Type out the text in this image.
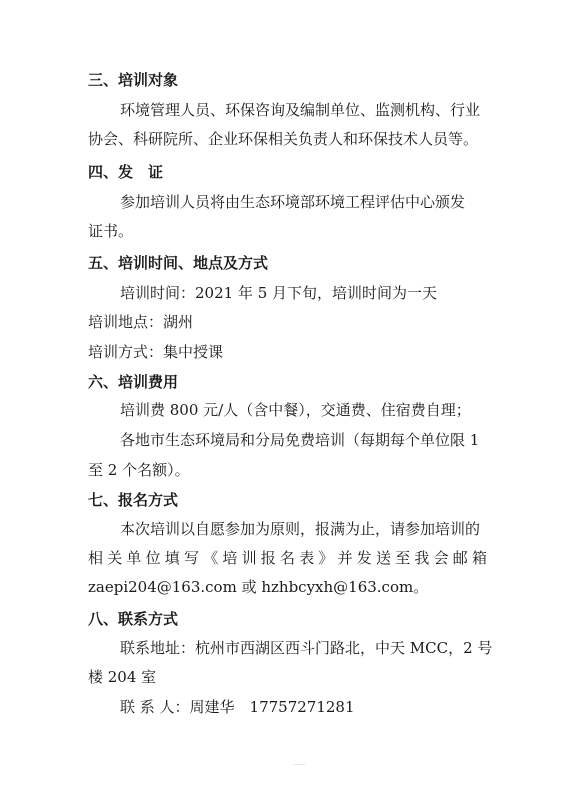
三、培训对象
环境管理人员、环保咨询及编制单位、监测机构、行业
协会、科研院所、企业环保相关负责人和环保技术人员等。
四、发　证
参加培训人员将由生态环境部环境工程评估中心颁发
证书。
五、培训时间、地点及方式
培训时间：2021 年 5 月下旬，培训时间为一天
培训地点：湖州
培训方式：集中授课
六、培训费用
培训费 800 元/人（含中餐），交通费、住宿费自理；
各地市生态环境局和分局免费培训（每期每个单位限 1
至 2 个名额）。
七、报名方式
本次培训以自愿参加为原则，报满为止，请参加培训的
相关单位填写《培训报名表》并发送至我会邮箱
zaepi204@163.com 或 hzhbcyxh@163.com。
八、联系方式
联系地址：杭州市西湖区西斗门路北，中天 MCC，2 号
楼 204 室
联 系 人：周建华　17757271281
